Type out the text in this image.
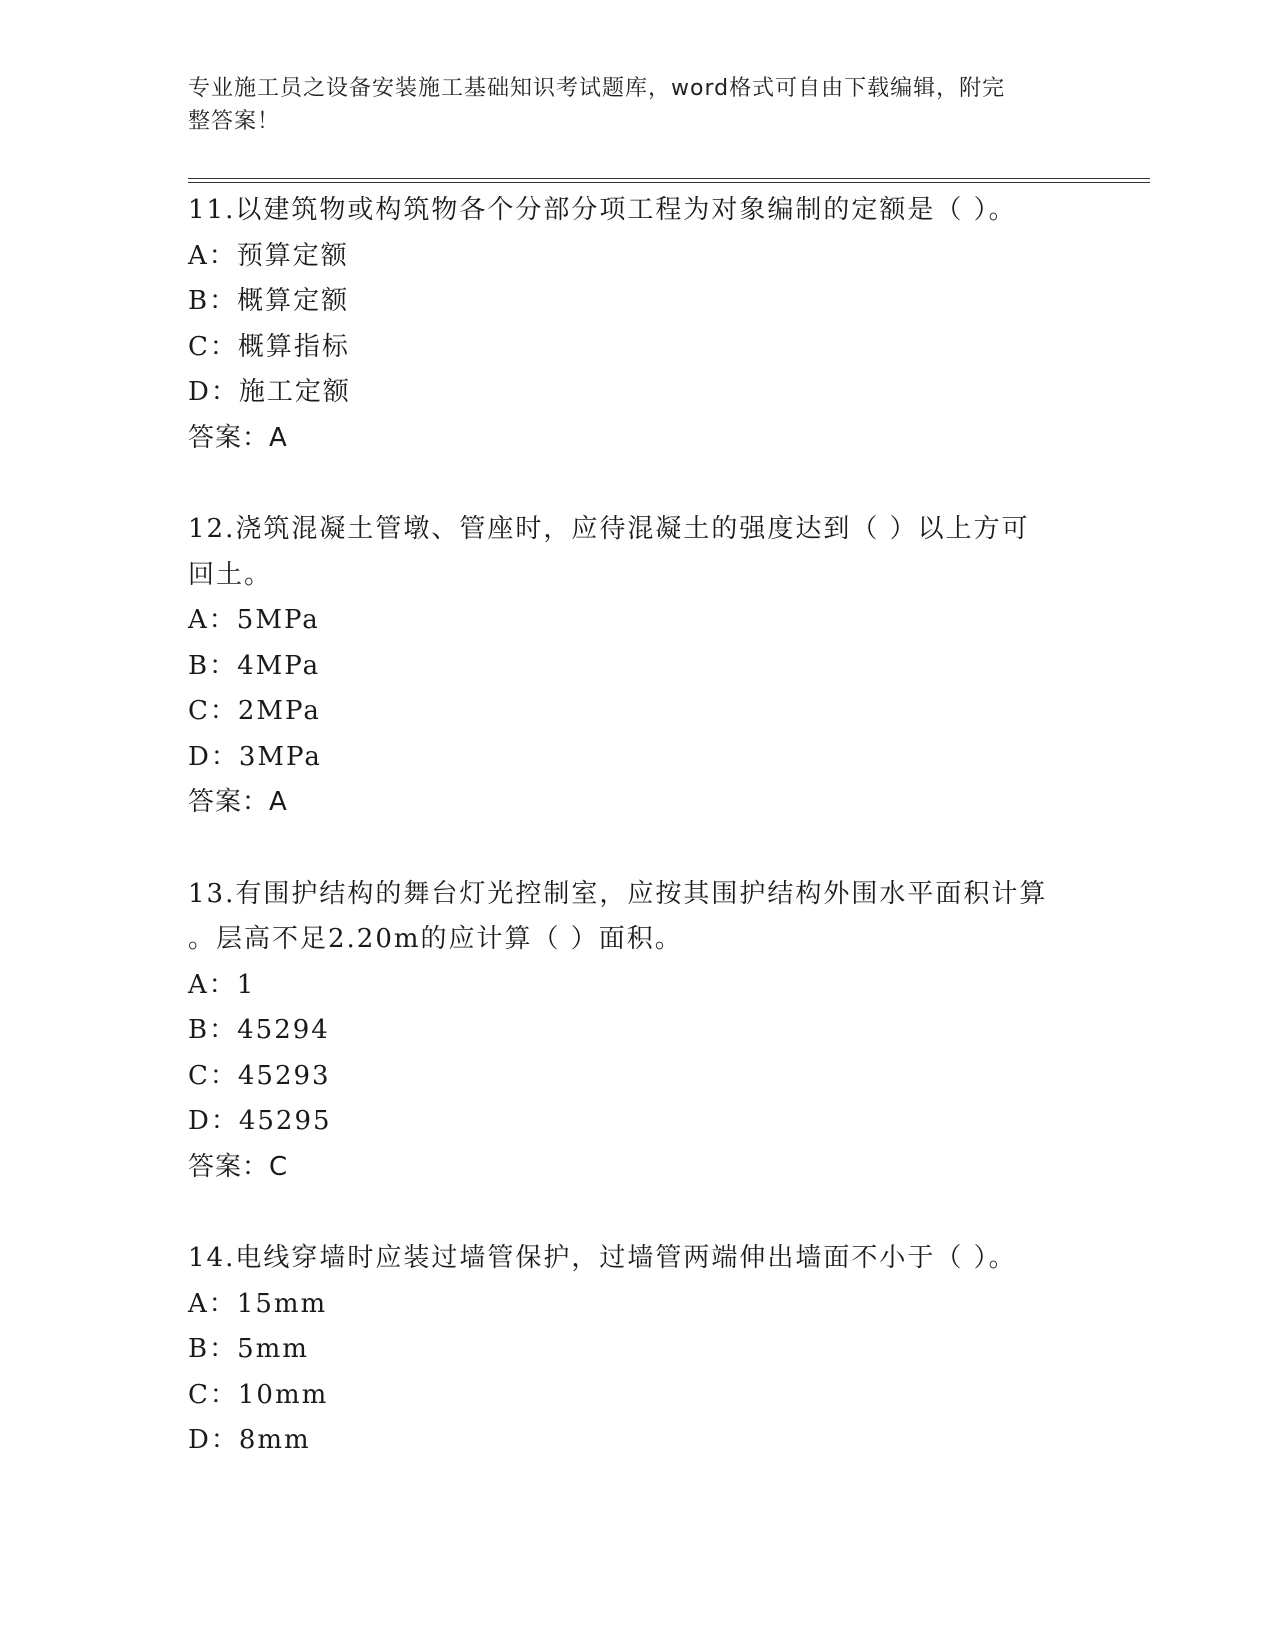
专业施工员之设备安装施工基础知识考试题库，word格式可自由下载编辑，附完
整答案！
11.以建筑物或构筑物各个分部分项工程为对象编制的定额是（ ）。
A：预算定额
B：概算定额
C：概算指标
D：施工定额
答案：A
12.浇筑混凝土管墩、管座时，应待混凝土的强度达到（ ）以上方可
回土。
A：5MPa
B：4MPa
C：2MPa
D：3MPa
答案：A
13.有围护结构的舞台灯光控制室，应按其围护结构外围水平面积计算
。层高不足2.20m的应计算（ ）面积。
A：1
B：45294
C：45293
D：45295
答案：C
14.电线穿墙时应装过墙管保护，过墙管两端伸出墙面不小于（ ）。
A：15mm
B：5mm
C：10mm
D：8mm
